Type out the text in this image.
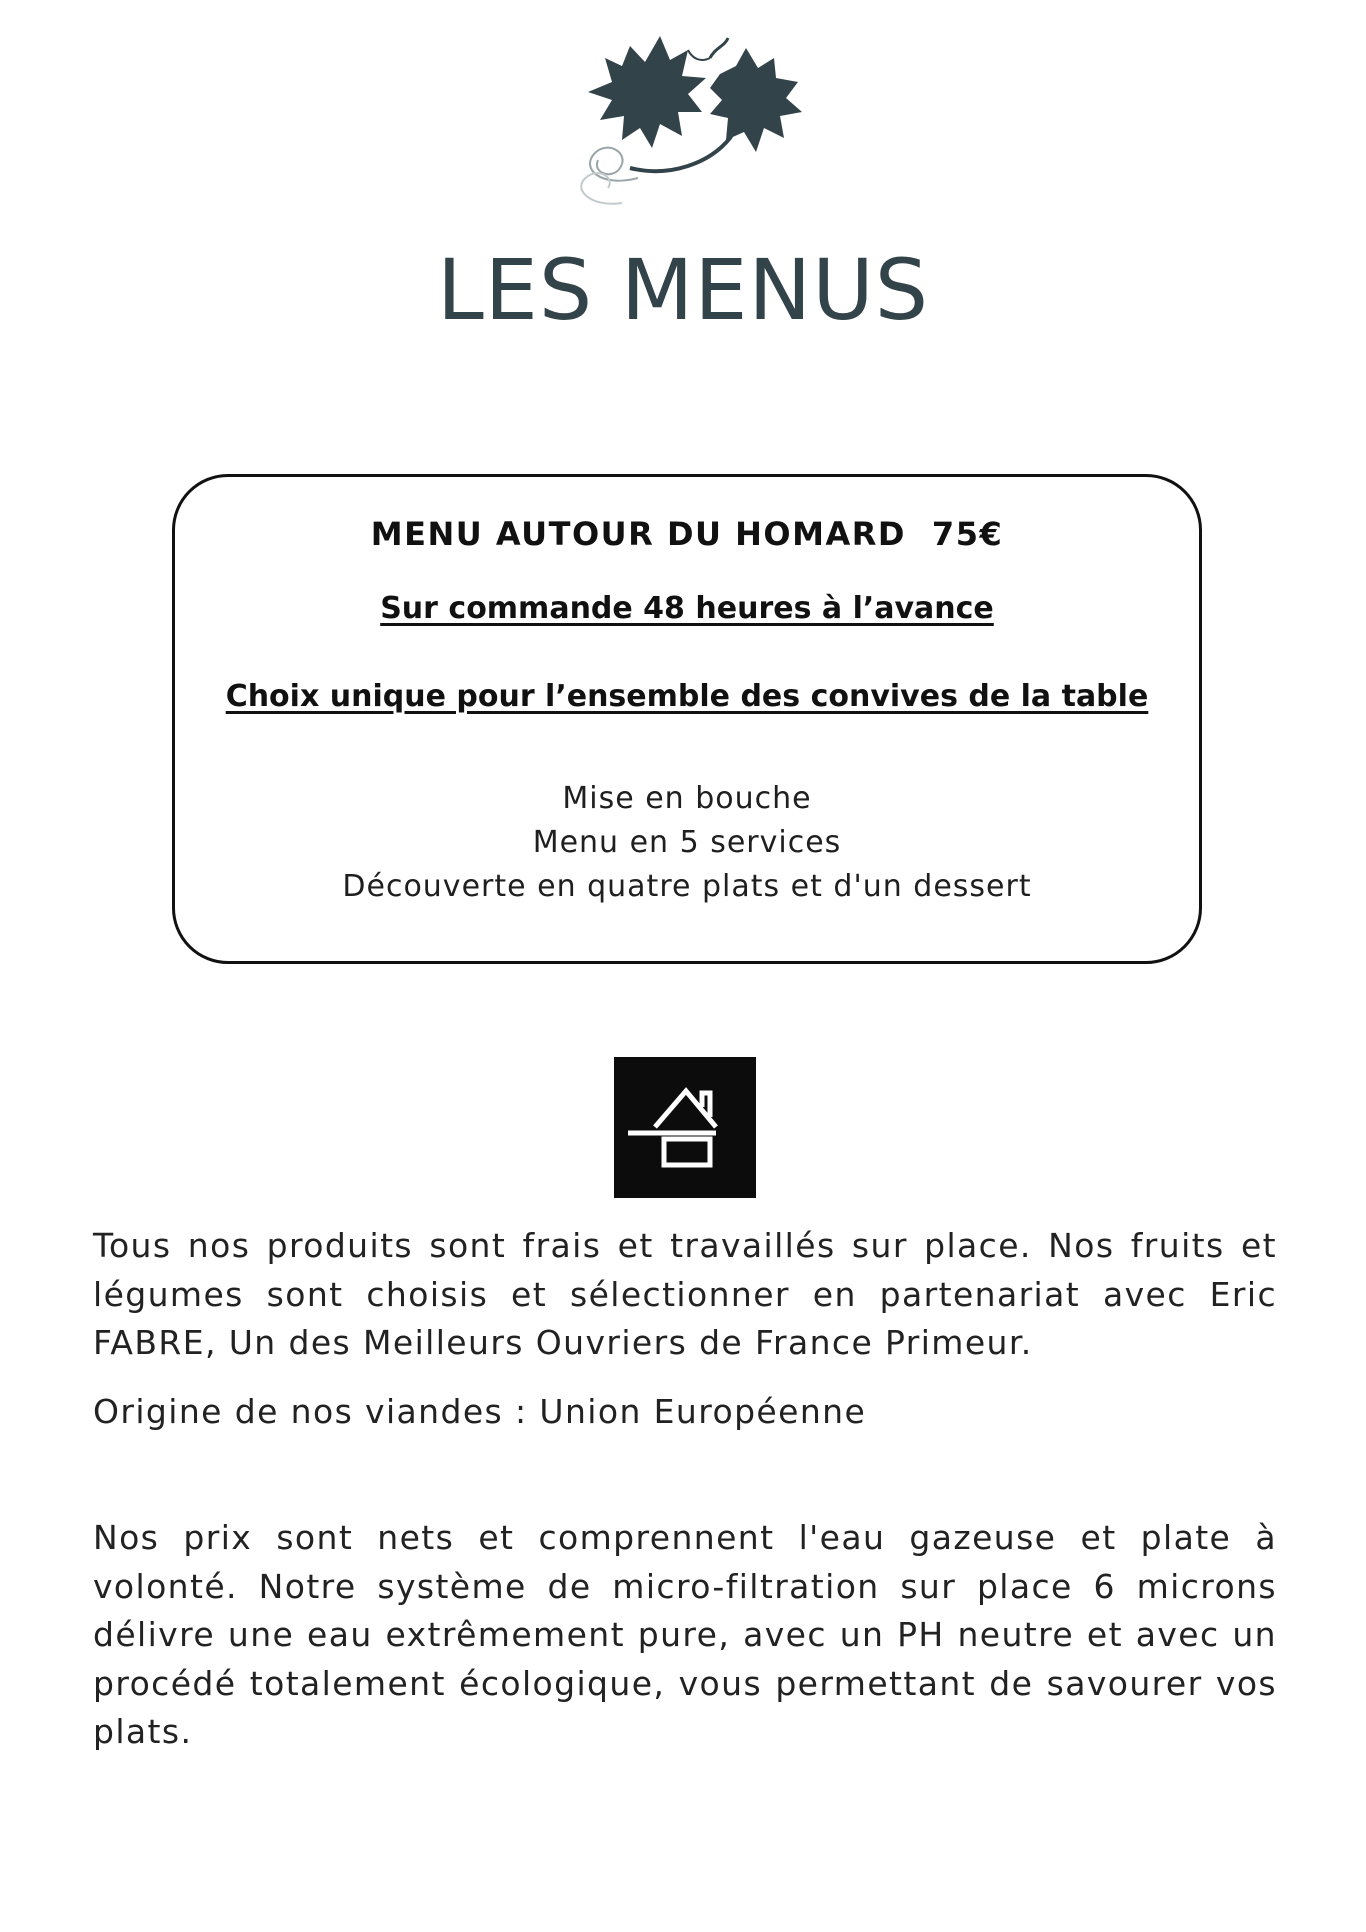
LES MENUS
MENU AUTOUR DU HOMARD 75€
Sur commande 48 heures à l’avance
Choix unique pour l’ensemble des convives de la table
Mise en bouche
Menu en 5 services
Découverte en quatre plats et d'un dessert
Tous nos produits sont frais et travaillés sur place. Nos fruits et légumes sont choisis et sélectionner en partenariat avec Eric FABRE, Un des Meilleurs Ouvriers de France Primeur.
Origine de nos viandes : Union Européenne
Nos prix sont nets et comprennent l'eau gazeuse et plate à volonté. Notre système de micro-filtration sur place 6 microns délivre une eau extrêmement pure, avec un PH neutre et avec un procédé totalement écologique, vous permettant de savourer vos plats.
